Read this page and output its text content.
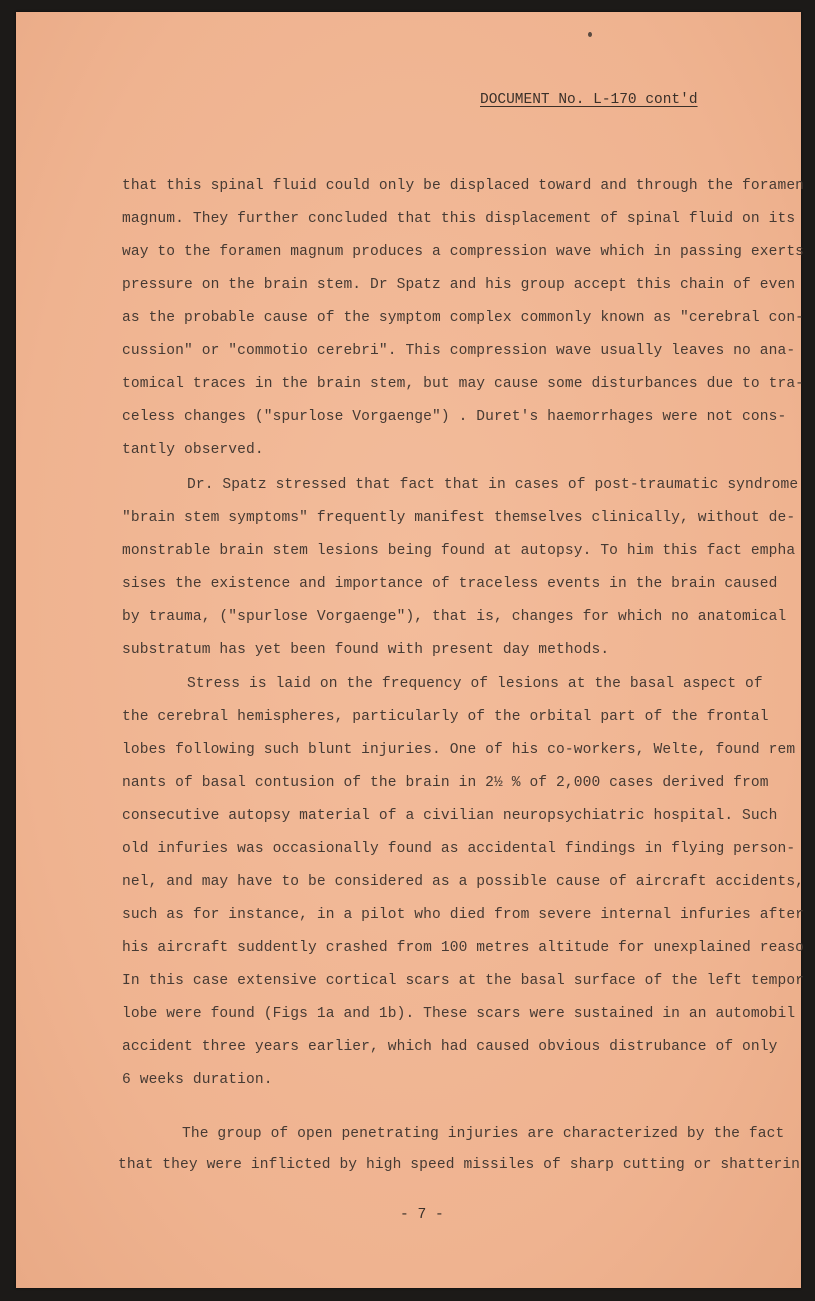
DOCUMENT No. L-170 cont'd
that this spinal fluid could only be displaced toward and through the foramen
magnum. They further concluded that this displacement of spinal fluid on its
way to the foramen magnum produces a compression wave which in passing exerts
pressure on the brain stem. Dr Spatz and his group accept this chain of even
as the probable cause of the symptom complex commonly known as "cerebral con-
cussion" or "commotio cerebri". This compression wave usually leaves no ana-
tomical traces in the brain stem, but may cause some disturbances due to tra-
celess changes ("spurlose Vorgaenge") . Duret's haemorrhages were not cons-
tantly observed.
Dr. Spatz stressed that fact that in cases of post-traumatic syndrome
"brain stem symptoms" frequently manifest themselves clinically, without de-
monstrable brain stem lesions being found at autopsy. To him this fact empha
sises the existence and importance of traceless events in the brain caused
by trauma, ("spurlose Vorgaenge"), that is, changes for which no anatomical
substratum has yet been found with present day methods.
Stress is laid on the frequency of lesions at the basal aspect of
the cerebral hemispheres, particularly of the orbital part of the frontal
lobes following such blunt injuries. One of his co-workers, Welte, found rem
nants of basal contusion of the brain in 2½ % of 2,000 cases derived from
consecutive autopsy material of a civilian neuropsychiatric hospital. Such
old infuries was occasionally found as accidental findings in flying person-
nel, and may have to be considered as a possible cause of aircraft accidents,
such as for instance, in a pilot who died from severe internal infuries after
his aircraft suddently crashed from 100 metres altitude for unexplained reaso
In this case extensive cortical scars at the basal surface of the left tempor
lobe were found (Figs 1a and 1b). These scars were sustained in an automobil
accident three years earlier, which had caused obvious distrubance of only
6 weeks duration.
The group of open penetrating injuries are characterized by the fact
that they were inflicted by high speed missiles of sharp cutting or shatterin
- 7 -
